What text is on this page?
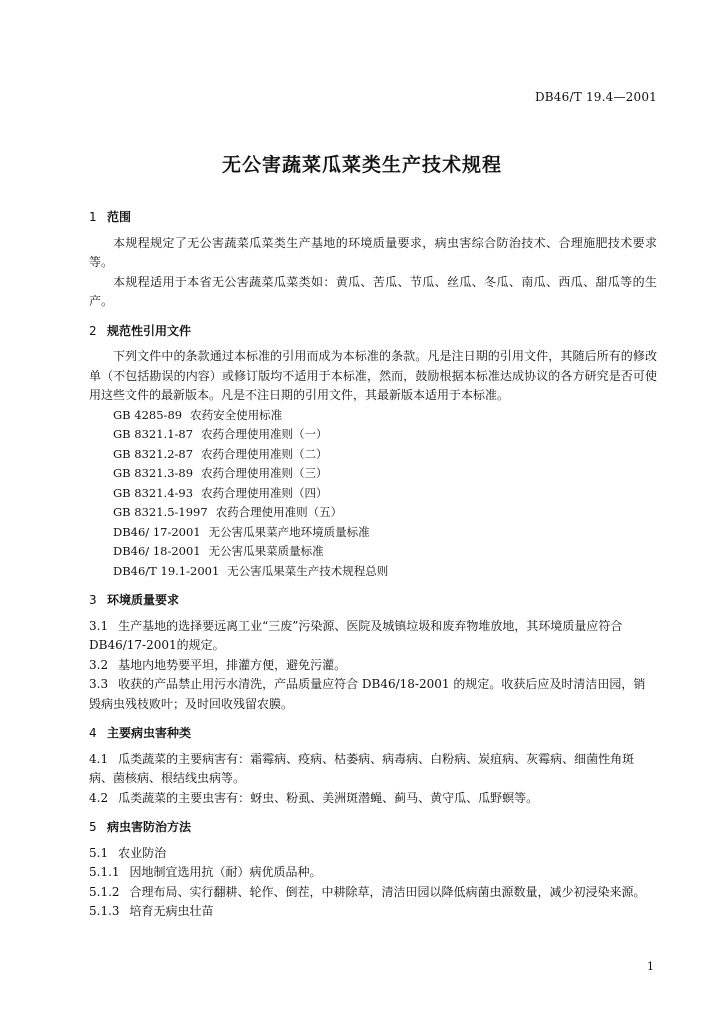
DB46/T 19.4—2001
无公害蔬菜瓜菜类生产技术规程
1 范围

本规程规定了无公害蔬菜瓜菜类生产基地的环境质量要求，病虫害综合防治技术、合理施肥技术要求等。

本规程适用于本省无公害蔬菜瓜菜类如：黄瓜、苦瓜、节瓜、丝瓜、冬瓜、南瓜、西瓜、甜瓜等的生产。

2 规范性引用文件

下列文件中的条款通过本标准的引用而成为本标准的条款。凡是注日期的引用文件，其随后所有的修改单（不包括勘误的内容）或修订版均不适用于本标准，然而，鼓励根据本标准达成协议的各方研究是否可使用这些文件的最新版本。凡是不注日期的引用文件，其最新版本适用于本标准。

GB 4285-89 农药安全使用标准
GB 8321.1-87 农药合理使用准则（一）
GB 8321.2-87 农药合理使用准则（二）
GB 8321.3-89 农药合理使用准则（三）
GB 8321.4-93 农药合理使用准则（四）
GB 8321.5-1997 农药合理使用准则（五）
DB46/ 17-2001 无公害瓜果菜产地环境质量标准
DB46/ 18-2001 无公害瓜果菜质量标准
DB46/T 19.1-2001 无公害瓜果菜生产技术规程总则
3 环境质量要求

3.1 生产基地的选择要远离工业“三废”污染源、医院及城镇垃圾和废弃物堆放地，其环境质量应符合DB46/17-2001的规定。

3.2 基地内地势要平坦，排灌方便，避免污灌。

3.3 收获的产品禁止用污水清洗，产品质量应符合 DB46/18-2001 的规定。收获后应及时清洁田园，销毁病虫残枝败叶；及时回收残留农膜。

4 主要病虫害种类

4.1 瓜类蔬菜的主要病害有：霜霉病、疫病、枯萎病、病毒病、白粉病、炭疽病、灰霉病、细菌性角斑病、菌核病、根结线虫病等。

4.2 瓜类蔬菜的主要虫害有：蚜虫、粉虱、美洲斑潜蝇、蓟马、黄守瓜、瓜野螟等。

5 病虫害防治方法

5.1 农业防治

5.1.1 因地制宜选用抗（耐）病优质品种。

5.1.2 合理布局、实行翻耕、轮作、倒茬，中耕除草，清洁田园以降低病菌虫源数量，减少初浸染来源。

5.1.3 培育无病虫壮苗

1
